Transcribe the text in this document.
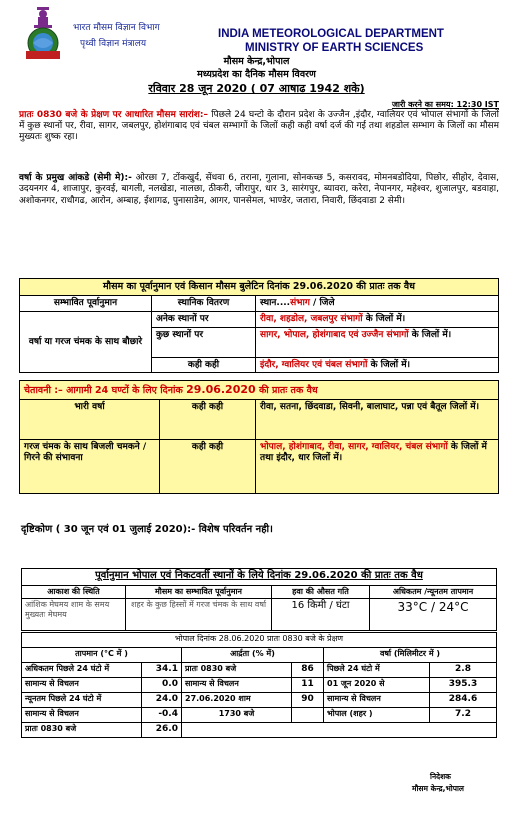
भारत मौसम विज्ञान विभाग
पृथ्वी विज्ञान मंत्रालय
INDIA METEOROLOGICAL DEPARTMENT
MINISTRY OF EARTH SCIENCES
मौसम केन्द्र,भोपाल
मध्यप्रदेश का दैनिक मौसम विवरण
रविवार 28 जून 2020 ( 07 आषाढ 1942 शके)
जारी करने का समय: 12:30 IST
प्रातः 0830 बजे के प्रेक्षण पर आधारित मौसम सारांश:– पिछले 24 घन्टो के दौरान प्रदेश के उज्जैन ,इंदौर, ग्वालियर एवं भोपाल संभागों के जिलों में कुछ स्थानों पर, रीवा, सागर, जबलपुर, होशंगाबाद एवं चंबल सम्भागों के जिलों कही कही वर्षा दर्ज की गई तथा शहडोल सम्भाग के जिलों का मौसम मुख्यतः शुष्क रहा।
वर्षा के प्रमुख आंकडे (सेमी मे):- ओरछा 7, टोंकखुर्द, सेंधवा 6, तराना, गुलाना, सोनकच्छ 5, कसरावद, मोमनबडोदिया, पिछोर, सीहोर, देवास, उदयनगर 4, शाजापुर, कुरवई, बागली, नलखेडा, नालछा, ठीकरी, जीरापुर, धार 3, सारंगपुर, ब्यावरा, करेरा, नेपानगर, महेश्वर, शुजालपुर, बडवाहा, अशोकनगर, राधौगढ, आरोन, अम्बाह, ईशागढ, पुनासाडेम, आगर, पानसेमल, भाण्डेर, जतारा, निवारी, छिंदवाडा 2 सेमी।
मौसम का पूर्वानुमान एवं किसान मौसम बुलेटिन दिनांक 29.06.2020 की प्रातः तक वैध		
सम्भावित पूर्वानुमान	स्थानिक वितरण	स्थान....संभाग / जिले
वर्षा या गरज चंमक के साथ बौछारे	अनेक स्थानों पर	रीवा, शहडोल, जबलपुर संभागों के जिलों में।
	कुछ स्थानों पर	सागर, भोपाल, होशंगाबाद एवं उज्जैन संभागों के जिलों में।
	कही कही	इंदौर, ग्वालियर एवं चंबल संभागों के जिलों में।
चेतावनी :– आगामी 24 घण्टों के लिए दिनांक 29.06.2020 की प्रातः तक वैध		
भारी वर्षा	कही कही	रीवा, सतना, छिंदवाडा, सिवनी, बालाघाट, पन्ना एवं बैतूल जिलों में।
गरज चंमक के साथ बिजली चमकने /गिरने की संभावना	कही कही	भोपाल, होशंगाबाद, रीवा, सागर, ग्वालियर, चंबल संभागों के जिलों में तथा इंदौर, धार जिलों में।
दृष्टिकोण ( 30 जून एवं 01 जुलाई 2020):- विशेष परिवर्तन नही।
पूर्वानुमान भोपाल एवं निकटवर्ती स्थानों के लिये दिनांक 29.06.2020 की प्रातः तक वैध			
आकाश की स्थिति	मौसम का सम्भावित पूर्वानुमान	हवा की औसत गति	अधिकतम /न्यूनतम तापमान
आंशिक मेघमय शाम के समय मुख्यतः मेघमय	शहर के कुछ हिस्सों में गरज चंमक के साथ वर्षा	16 किमी / घंटा	33°C / 24°C
भोपाल दिनांक 28.06.2020 प्रातः 0830 बजे के प्रेक्षण					
तापमान (°C में )		आर्द्रता (% में)		वर्षा (मिलिमीटर में )	
अधिकतम पिछले 24 घंटो में	34.1	प्रातः 0830 बजे	86	पिछले 24 घंटो में	2.8
सामान्य से विचलन	0.0	सामान्य से विचलन	11	01 जून 2020 से	395.3
न्यूनतम पिछले 24 घंटो में	24.0	27.06.2020 शाम	90	सामान्य से विचलन	284.6
सामान्य से विचलन	-0.4	1730 बजे		भोपाल (शहर )	7.2
प्रातः 0830 बजे	26.0				
निदेशक
मौसम केन्द्र,भोपाल
